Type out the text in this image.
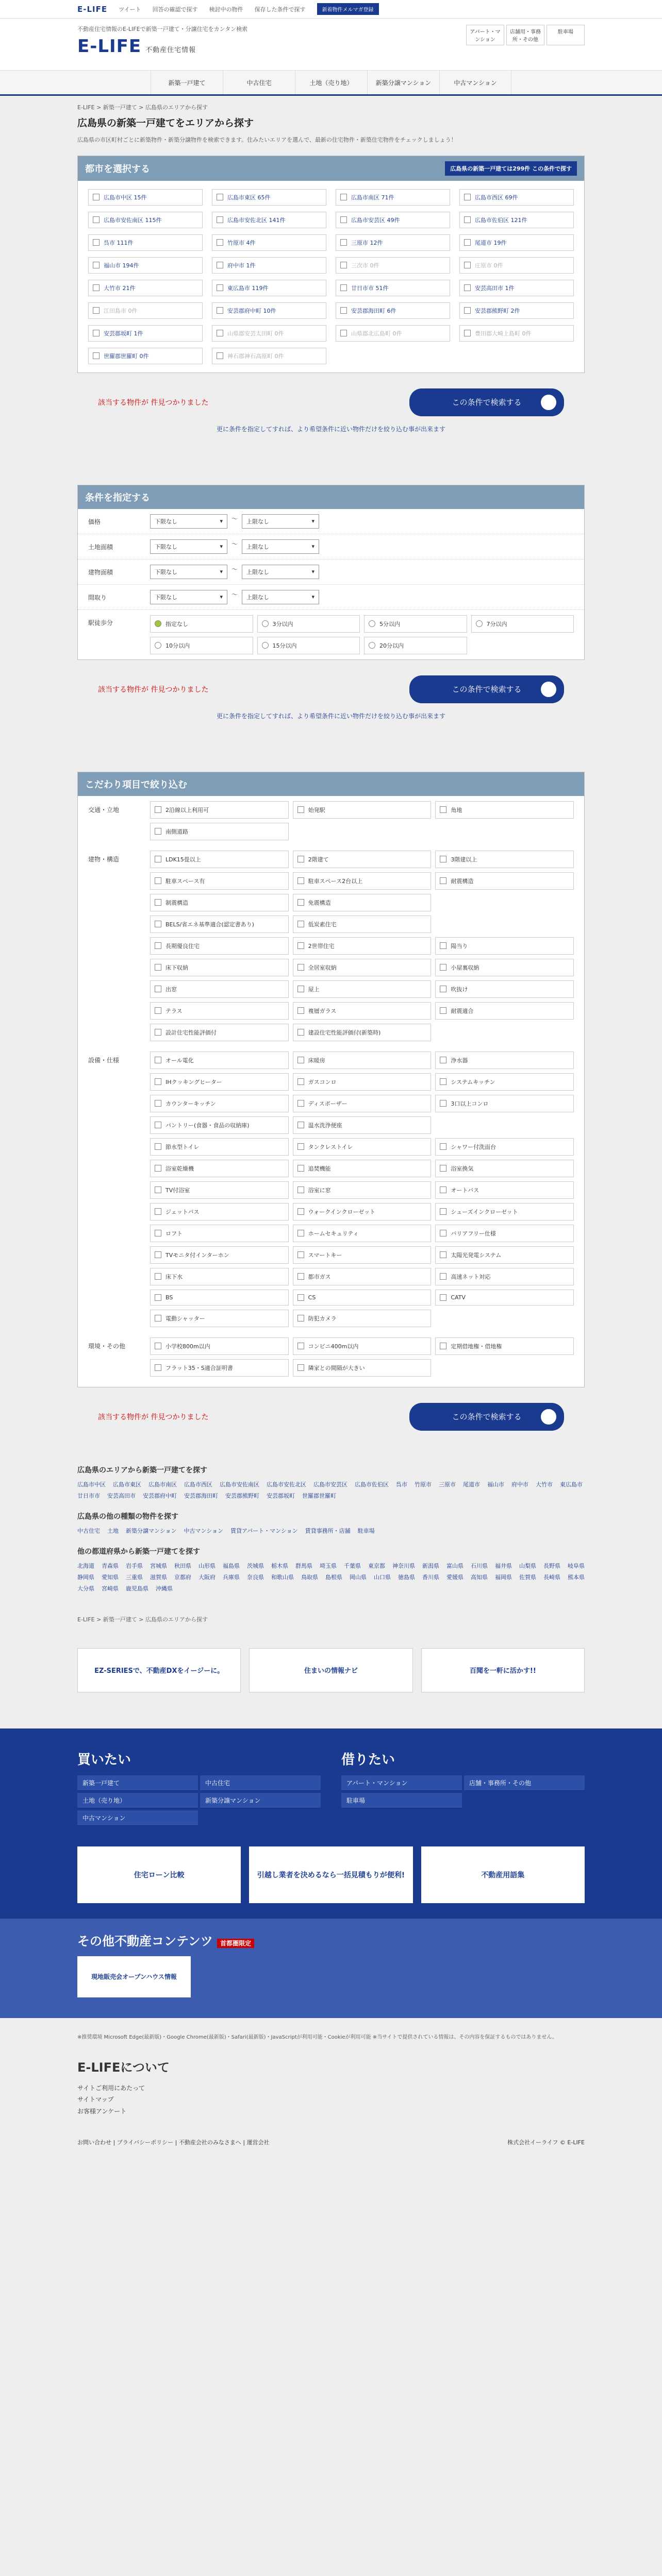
E-LIFE ツイート 回答の確認で探す 検討中の物件 保存した条件で探す	新着物件メルマガ登録
不動産住宅情報のE-LIFEで新築一戸建て・分譲住宅をカンタン検索
E-LIFE 不動産住宅情報
アパート・マンション
店舗用・事務所・その他
駐車場
新築一戸建て	中古住宅	土地（売り地）	新築分譲マンション	中古マンション
E-LIFE > 新築一戸建て > 広島県のエリアから探す
広島県の新築一戸建てをエリアから探す
広島県の市区町村ごとに新築物件・新築分譲物件を検索できます。住みたいエリアを選んで、最新の住宅物件・新築住宅物件をチェックしましょう！
都市を選択する	広島県の新築一戸建ては299件 この条件で探す
広島市中区 15件	広島市東区 65件	広島市南区 71件	広島市西区 69件
広島市安佐南区 115件	広島市安佐北区 141件	広島市安芸区 49件	広島市佐伯区 121件
呉市 111件	竹原市 4件	三原市 12件	尾道市 19件
福山市 194件	府中市 1件	三次市 0件	庄原市 0件
大竹市 21件	東広島市 119件	廿日市市 51件	安芸高田市 1件
江田島市 0件	安芸郡府中町 10件	安芸郡海田町 6件	安芸郡熊野町 2件
安芸郡坂町 1件	山県郡安芸太田町 0件	山県郡北広島町 0件	豊田郡大崎上島町 0件
世羅郡世羅町 0件	神石郡神石高原町 0件
該当する物件が 件見つかりました	この条件で検索する
更に条件を指定してすれば、より希望条件に近い物件だけを絞り込む事が出来ます
条件を指定する
価格	下限なし	▾	〜 上限なし	▾
土地面積	下限なし	▾	〜 上限なし	▾
建物面積	下限なし	▾	〜 上限なし	▾
間取り	下限なし	▾	〜 上限なし	▾
駅徒歩分	指定なし	3分以内	5分以内	7分以内
10分以内	15分以内	20分以内
該当する物件が 件見つかりました	この条件で検索する
更に条件を指定してすれば、より希望条件に近い物件だけを絞り込む事が出来ます
こだわり項目で絞り込む
交通・立地	2沿線以上利用可	始発駅	角地
南側道路
建物・構造	LDK15畳以上	2階建て	3階建以上
駐車スペース有	駐車スペース2台以上	耐震構造
制震構造	免震構造
BELS/省エネ基準適合(認定書あり)	低炭素住宅
長期優良住宅	2世帯住宅	陽当り
床下収納	全居室収納	小屋裏収納
出窓	屋上	吹抜け
テラス	複層ガラス	耐震適合
設計住宅性能評価付	建設住宅性能評価付(新築時)
設備・仕様	オール電化	床暖房	浄水器
IHクッキングヒーター	ガスコンロ	システムキッチン
カウンターキッチン	ディスポーザー	3口以上コンロ
パントリー(食器・食品の収納庫)	温水洗浄便座
節水型トイレ	タンクレストイレ	シャワー付洗面台
浴室乾燥機	追焚機能	浴室換気
TV付浴室	浴室に窓	オートバス
ジェットバス	ウォークインクローゼット	シューズインクローゼット
ロフト	ホームセキュリティ	バリアフリー仕様
TVモニタ付インターホン	スマートキー	太陽光発電システム
床下水	都市ガス	高速ネット対応
BS	CS	CATV
電動シャッター	防犯カメラ
環境・その他	小学校800m以内	コンビニ400m以内	定期借地権・借地権
フラット35・S適合証明書	隣家との間隔が大きい
該当する物件が 件見つかりました	この条件で検索する
広島県のエリアから新築一戸建てを探す
広島市中区 広島市東区 広島市南区 広島市西区 広島市安佐南区 広島市安佐北区 広島市安芸区 広島市佐伯区 呉市 竹原市 三原市 尾道市 福山市 府中市 大竹市 東広島市
廿日市市 安芸高田市 安芸郡府中町 安芸郡海田町 安芸郡熊野町 安芸郡坂町 世羅郡世羅町
広島県の他の種類の物件を探す
中古住宅 土地 新築分譲マンション 中古マンション 賃貸アパート・マンション 賃貸事務所・店舗 駐車場
他の都道府県から新築一戸建てを探す
北海道 青森県 岩手県 宮城県 秋田県 山形県 福島県 茨城県 栃木県 群馬県 埼玉県 千葉県 東京都 神奈川県 新潟県 富山県 石川県 福井県 山梨県 長野県 岐阜県
静岡県 愛知県 三重県 滋賀県 京都府 大阪府 兵庫県 奈良県 和歌山県 鳥取県 島根県 岡山県 山口県 徳島県 香川県 愛媛県 高知県 福岡県 佐賀県 長崎県 熊本県
大分県 宮崎県 鹿児島県 沖縄県
E-LIFE > 新築一戸建て > 広島県のエリアから探す
EZ-SERIESで、不動産DXをイージーに。	住まいの情報ナビ	百聞を一軒に活かす!!
買いたい
新築一戸建て	中古住宅
土地（売り地）	新築分譲マンション
中古マンション
借りたい
アパート・マンション	店舗・事務所・その他
駐車場
住宅ローン比較	引越し業者を決めるなら一括見積もりが便利!	不動産用語集
その他不動産コンテンツ 首都圏限定
現地販売会オープンハウス情報
※推奨環境 Microsoft Edge(最新版)・Google Chrome(最新版)・Safari(最新版)・JavaScriptが利用可能・Cookieが利用可能 ※当サイトで提供されている情報は、その内容を保証するものではありません。
E-LIFEについて
サイトご利用にあたって
サイトマップ
お客様アンケート
お問い合わせ | プライバシーポリシー | 不動産会社のみなさまへ | 運営会社	株式会社イーライフ © E-LIFE
